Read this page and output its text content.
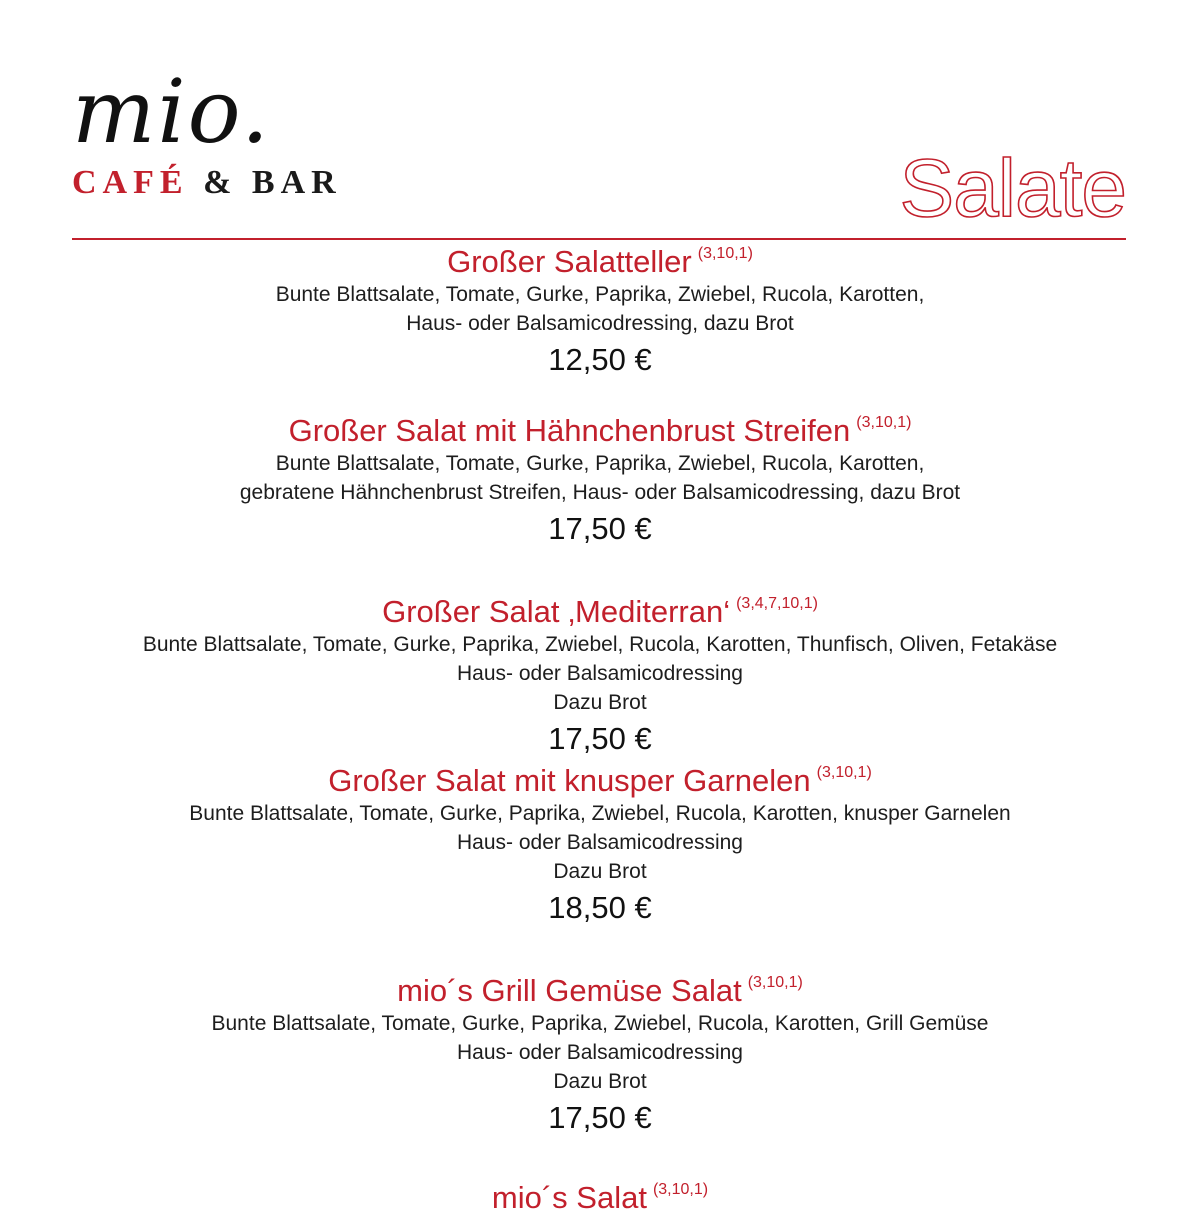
mio.
CAFÉ & BAR	Salate
Großer Salatteller $^{(3,10,1)}$
Bunte Blattsalate, Tomate, Gurke, Paprika, Zwiebel, Rucola, Karotten,
Haus- oder Balsamicodressing, dazu Brot
12,50 €
Großer Salat mit Hähnchenbrust Streifen $^{(3,10,1)}$
Bunte Blattsalate, Tomate, Gurke, Paprika, Zwiebel, Rucola, Karotten,
gebratene Hähnchenbrust Streifen, Haus- oder Balsamicodressing, dazu Brot
17,50 €
Großer Salat ‚Mediterran‘ $^{(3,4,7,10,1)}$
Bunte Blattsalate, Tomate, Gurke, Paprika, Zwiebel, Rucola, Karotten, Thunfisch, Oliven, Fetakäse
Haus- oder Balsamicodressing
Dazu Brot
17,50 €
Großer Salat mit knusper Garnelen $^{(3,10,1)}$
Bunte Blattsalate, Tomate, Gurke, Paprika, Zwiebel, Rucola, Karotten, knusper Garnelen
Haus- oder Balsamicodressing
Dazu Brot
18,50 €
mio´s Grill Gemüse Salat $^{(3,10,1)}$
Bunte Blattsalate, Tomate, Gurke, Paprika, Zwiebel, Rucola, Karotten, Grill Gemüse
Haus- oder Balsamicodressing
Dazu Brot
17,50 €
mio´s Salat $^{(3,10,1)}$
